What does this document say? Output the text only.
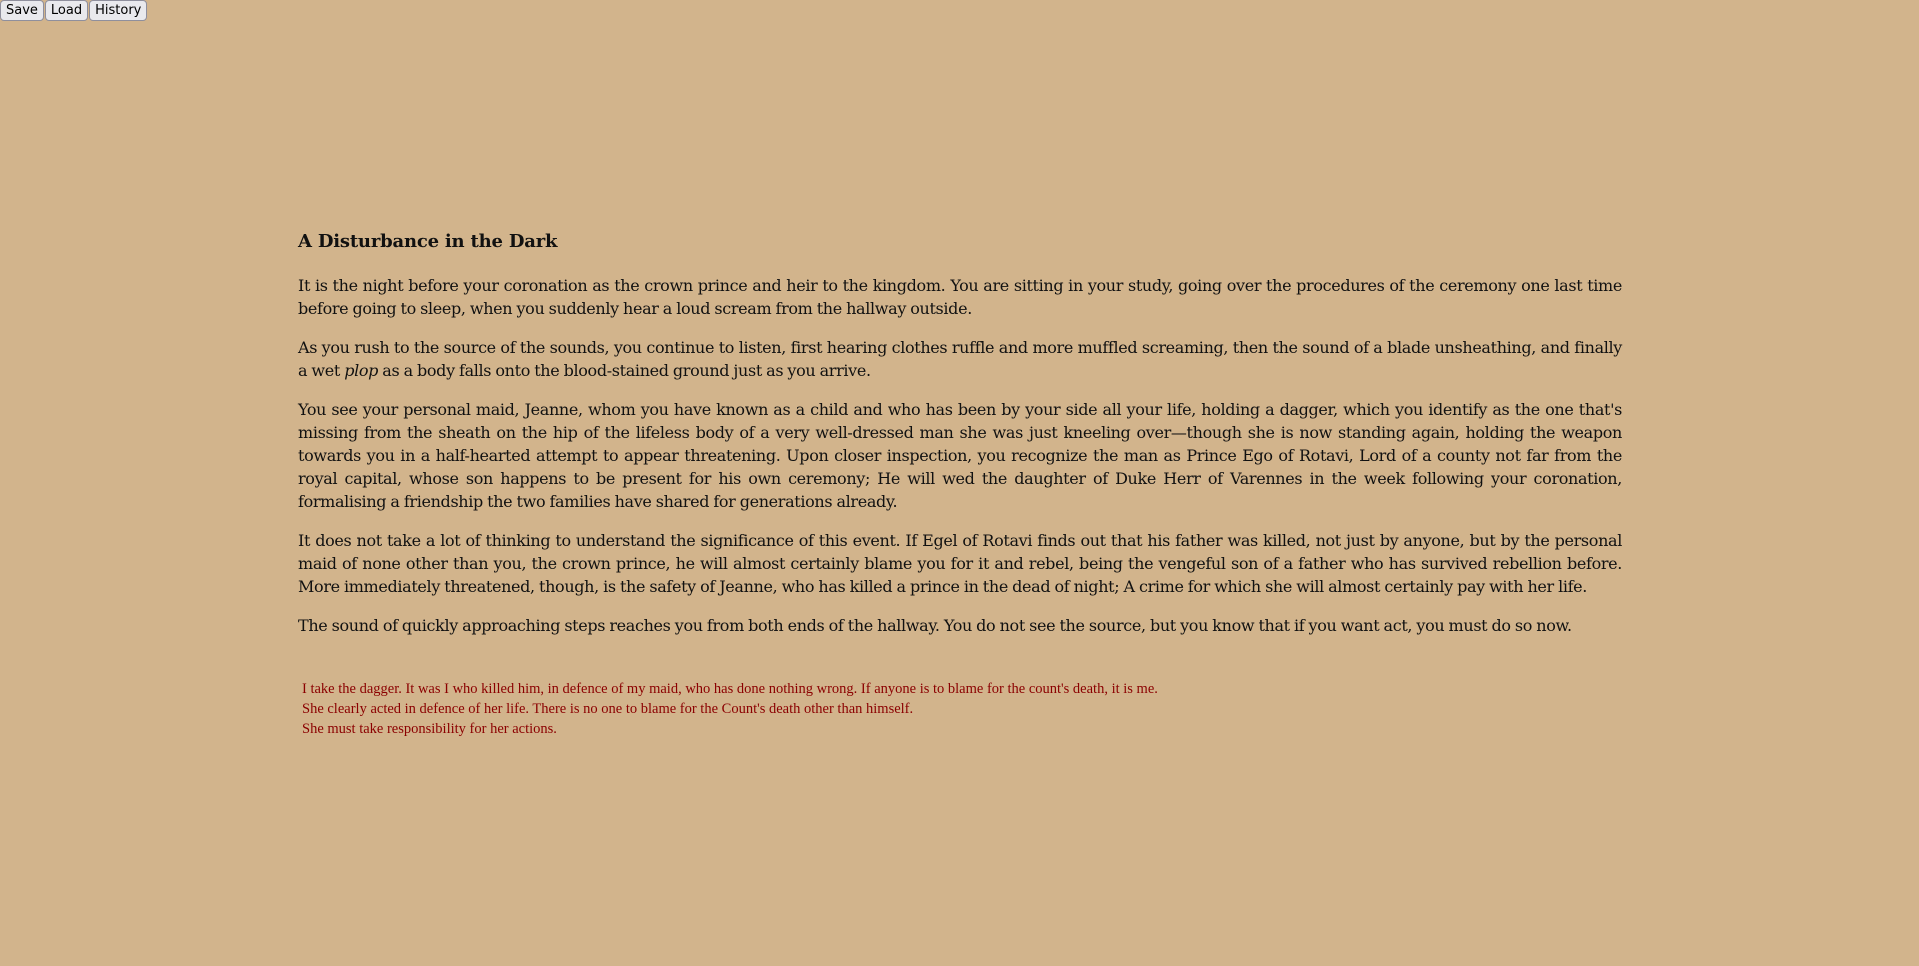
Save	Load	History
A Disturbance in the Dark

It is the night before your coronation as the crown prince and heir to the kingdom. You are sitting in your study, going over the procedures of the ceremony one last time before going to sleep, when you suddenly hear a loud scream from the hallway outside.

As you rush to the source of the sounds, you continue to listen, first hearing clothes ruffle and more muffled screaming, then the sound of a blade unsheathing, and finally a wet plop as a body falls onto the blood-stained ground just as you arrive.

You see your personal maid, Jeanne, whom you have known as a child and who has been by your side all your life, holding a dagger, which you identify as the one that's missing from the sheath on the hip of the lifeless body of a very well-dressed man she was just kneeling over—though she is now standing again, holding the weapon towards you in a half-hearted attempt to appear threatening. Upon closer inspection, you recognize the man as Prince Ego of Rotavi, Lord of a county not far from the royal capital, whose son happens to be present for his own ceremony; He will wed the daughter of Duke Herr of Varennes in the week following your coronation, formalising a friendship the two families have shared for generations already.

It does not take a lot of thinking to understand the significance of this event. If Egel of Rotavi finds out that his father was killed, not just by anyone, but by the personal maid of none other than you, the crown prince, he will almost certainly blame you for it and rebel, being the vengeful son of a father who has survived rebellion before. More immediately threatened, though, is the safety of Jeanne, who has killed a prince in the dead of night; A crime for which she will almost certainly pay with her life.

The sound of quickly approaching steps reaches you from both ends of the hallway. You do not see the source, but you know that if you want act, you must do so now.

I take the dagger. It was I who killed him, in defence of my maid, who has done nothing wrong. If anyone is to blame for the count's death, it is me.
She clearly acted in defence of her life. There is no one to blame for the Count's death other than himself.
She must take responsibility for her actions.
